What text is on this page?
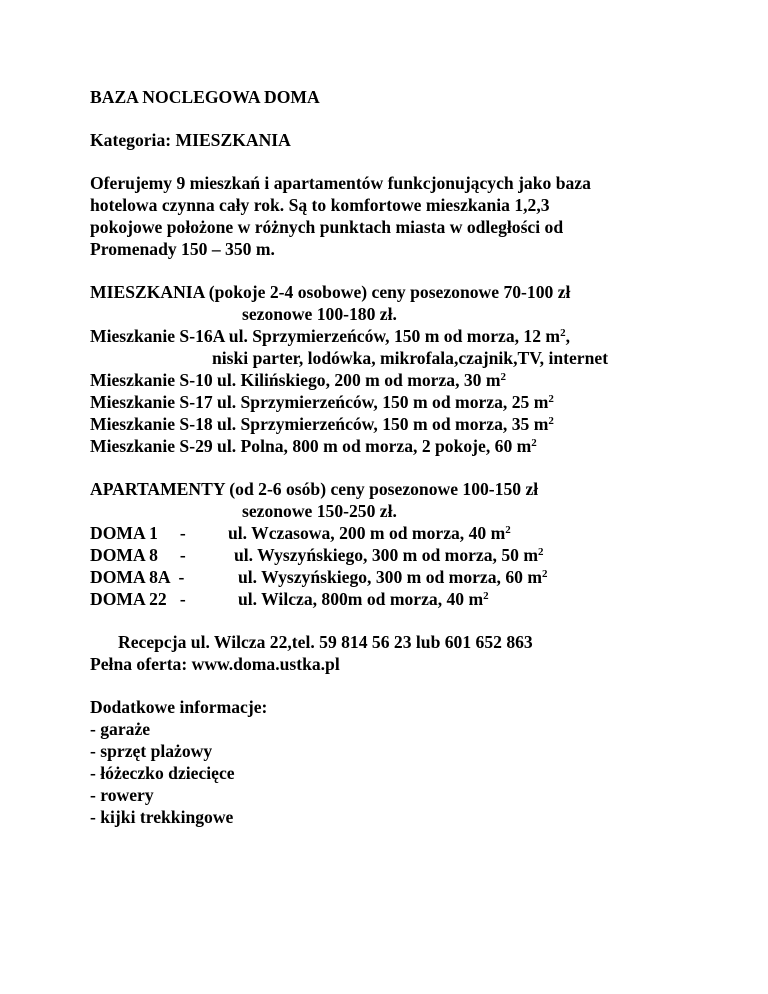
BAZA NOCLEGOWA DOMA
Kategoria: MIESZKANIA
Oferujemy 9 mieszkań i apartamentów funkcjonujących jako baza
hotelowa czynna cały rok. Są to komfortowe mieszkania 1,2,3
pokojowe położone w różnych punktach miasta w odległości od
Promenady 150 – 350 m.
MIESZKANIA (pokoje 2-4 osobowe) ceny posezonowe 70-100 zł
sezonowe 100-180 zł.
Mieszkanie S-16A ul. Sprzymierzeńców, 150 m od morza, 12 $m^2$,
niski parter, lodówka, mikrofala,czajnik,TV, internet
Mieszkanie S-10 ul. Kilińskiego, 200 m od morza, 30 $m^2$
Mieszkanie S-17 ul. Sprzymierzeńców, 150 m od morza, 25 $m^2$
Mieszkanie S-18 ul. Sprzymierzeńców, 150 m od morza, 35 $m^2$
Mieszkanie S-29 ul. Polna, 800 m od morza, 2 pokoje, 60 $m^2$
APARTAMENTY (od 2-6 osób) ceny posezonowe 100-150 zł
sezonowe 150-250 zł.
DOMA 1     -	ul. Wczasowa, 200 m od morza, 40 $m^2$
DOMA 8     -	ul. Wyszyńskiego, 300 m od morza, 50 $m^2$
DOMA 8A  -	ul. Wyszyńskiego, 300 m od morza, 60 $m^2$
DOMA 22   -	ul. Wilcza, 800m od morza, 40 $m^2$
Recepcja ul. Wilcza 22,tel. 59 814 56 23 lub 601 652 863
Pełna oferta: www.doma.ustka.pl
Dodatkowe informacje:
- garaże
- sprzęt plażowy
- łóżeczko dziecięce
- rowery
- kijki trekkingowe
